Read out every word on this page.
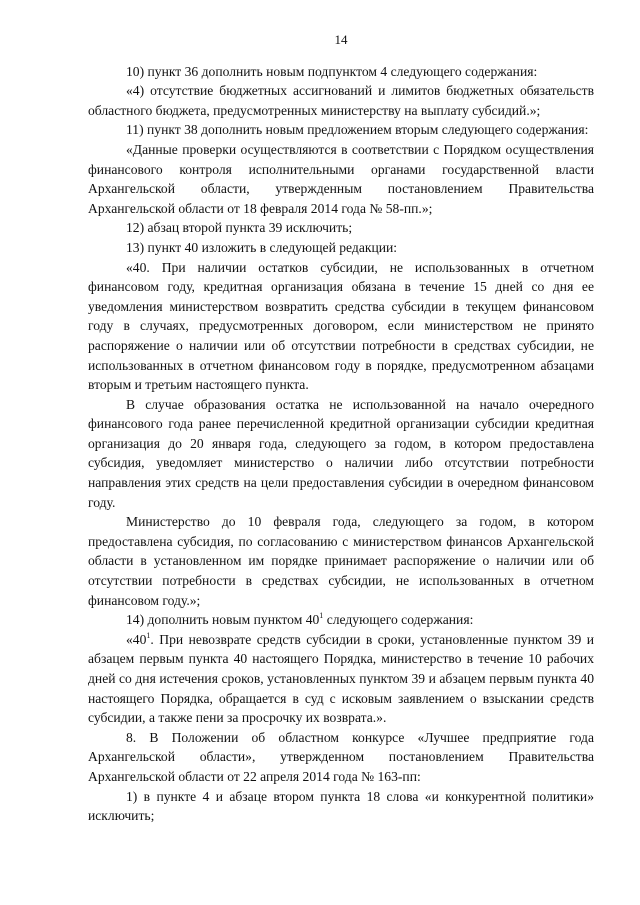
14

10) пункт 36 дополнить новым подпунктом 4 следующего содержания:

«4) отсутствие бюджетных ассигнований и лимитов бюджетных обязательств областного бюджета, предусмотренных министерству на выплату субсидий.»;

11) пункт 38 дополнить новым предложением вторым следующего содержания:

«Данные проверки осуществляются в соответствии с Порядком осуществления финансового контроля исполнительными органами государственной власти Архангельской области, утвержденным постановлением Правительства Архангельской области от 18 февраля 2014 года № 58-пп.»;

12) абзац второй пункта 39 исключить;

13) пункт 40 изложить в следующей редакции:

«40. При наличии остатков субсидии, не использованных в отчетном финансовом году, кредитная организация обязана в течение 15 дней со дня ее уведомления министерством возвратить средства субсидии в текущем финансовом году в случаях, предусмотренных договором, если министерством не принято распоряжение о наличии или об отсутствии потребности в средствах субсидии, не использованных в отчетном финансовом году в порядке, предусмотренном абзацами вторым и третьим настоящего пункта.

В случае образования остатка не использованной на начало очередного финансового года ранее перечисленной кредитной организации субсидии кредитная организация до 20 января года, следующего за годом, в котором предоставлена субсидия, уведомляет министерство о наличии либо отсутствии потребности направления этих средств на цели предоставления субсидии в очередном финансовом году.

Министерство до 10 февраля года, следующего за годом, в котором предоставлена субсидия, по согласованию с министерством финансов Архангельской области в установленном им порядке принимает распоряжение о наличии или об отсутствии потребности в средствах субсидии, не использованных в отчетном финансовом году.»;

14) дополнить новым пунктом $40^1$ следующего содержания:

«$40^1$. При невозврате средств субсидии в сроки, установленные пунктом 39 и абзацем первым пункта 40 настоящего Порядка, министерство в течение 10 рабочих дней со дня истечения сроков, установленных пунктом 39 и абзацем первым пункта 40 настоящего Порядка, обращается в суд с исковым заявлением о взыскании средств субсидии, а также пени за просрочку их возврата.».

8. В Положении об областном конкурсе «Лучшее предприятие года Архангельской области», утвержденном постановлением Правительства Архангельской области от 22 апреля 2014 года № 163-пп:

1) в пункте 4 и абзаце втором пункта 18 слова «и конкурентной политики» исключить;
